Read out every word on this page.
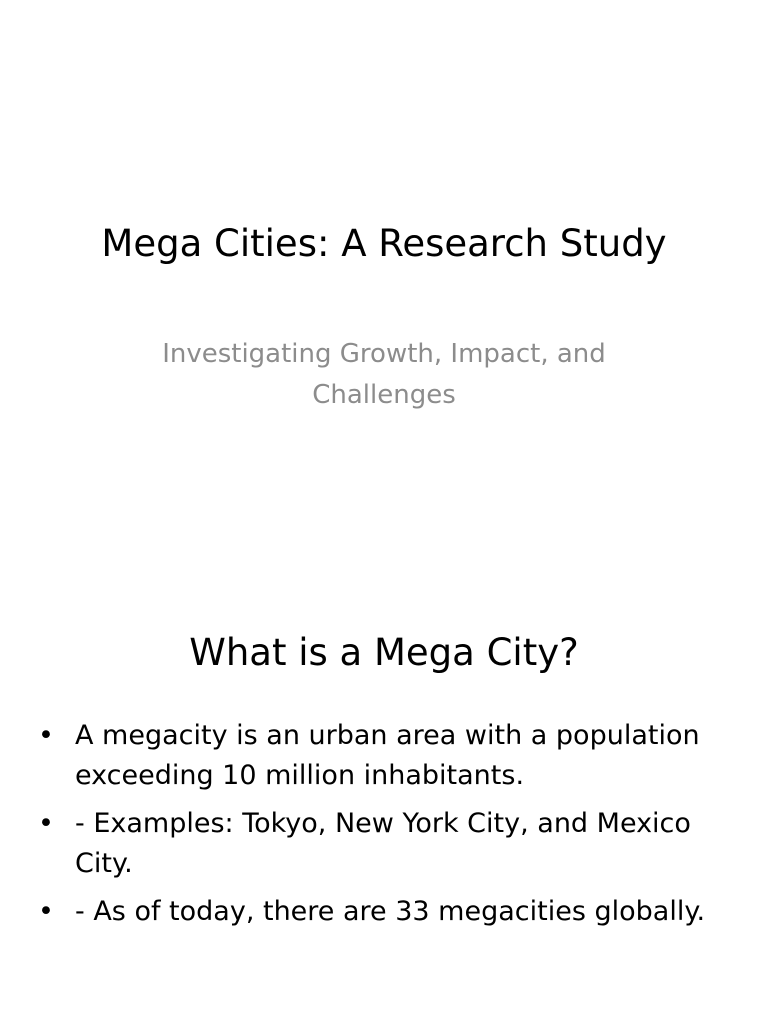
Mega Cities: A Research Study
Investigating Growth, Impact, and Challenges
What is a Mega City?
• A megacity is an urban area with a population exceeding 10 million inhabitants.
• - Examples: Tokyo, New York City, and Mexico City.
• - As of today, there are 33 megacities globally.
